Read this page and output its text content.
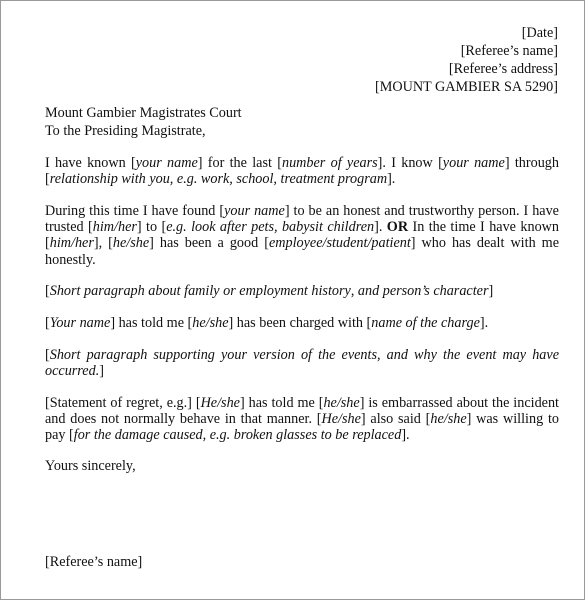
[Date]
[Referee’s name]
[Referee’s address]
[MOUNT GAMBIER SA 5290]
Mount Gambier Magistrates Court
To the Presiding Magistrate,

I have known [your name] for the last [number of years]. I know [your name] through [relationship with you, e.g. work, school, treatment program].

During this time I have found [your name] to be an honest and trustworthy person. I have trusted [him/her] to [e.g. look after pets, babysit children]. OR In the time I have known [him/her], [he/she] has been a good [employee/student/patient] who has dealt with me honestly.

[Short paragraph about family or employment history, and person’s character]

[Your name] has told me [he/she] has been charged with [name of the charge].

[Short paragraph supporting your version of the events, and why the event may have occurred.]

[Statement of regret, e.g.] [He/she] has told me [he/she] is embarrassed about the incident and does not normally behave in that manner. [He/she] also said [he/she] was willing to pay [for the damage caused, e.g. broken glasses to be replaced].

Yours sincerely,

[Referee’s name]
